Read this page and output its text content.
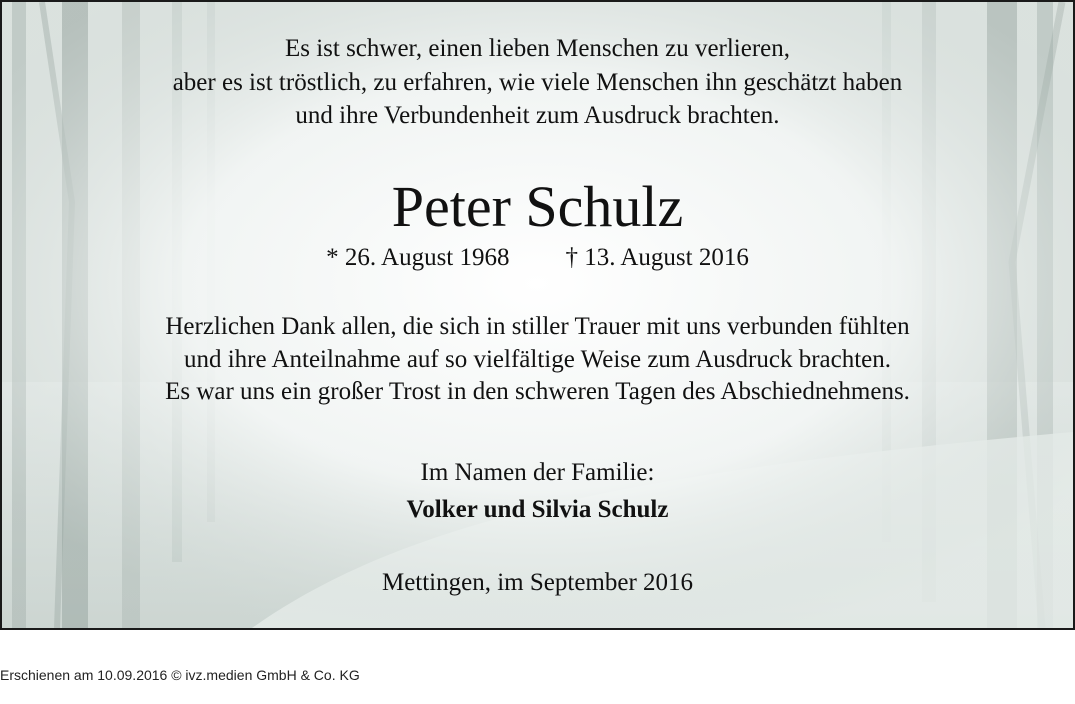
Es ist schwer, einen lieben Menschen zu verlieren,
aber es ist tröstlich, zu erfahren, wie viele Menschen ihn geschätzt haben
und ihre Verbundenheit zum Ausdruck brachten.
Peter Schulz
* 26. August 1968 † 13. August 2016
Herzlichen Dank allen, die sich in stiller Trauer mit uns verbunden fühlten
und ihre Anteilnahme auf so vielfältige Weise zum Ausdruck brachten.
Es war uns ein großer Trost in den schweren Tagen des Abschiednehmens.
Im Namen der Familie:
Volker und Silvia Schulz
Mettingen, im September 2016
Erschienen am 10.09.2016 © ivz.medien GmbH & Co. KG
